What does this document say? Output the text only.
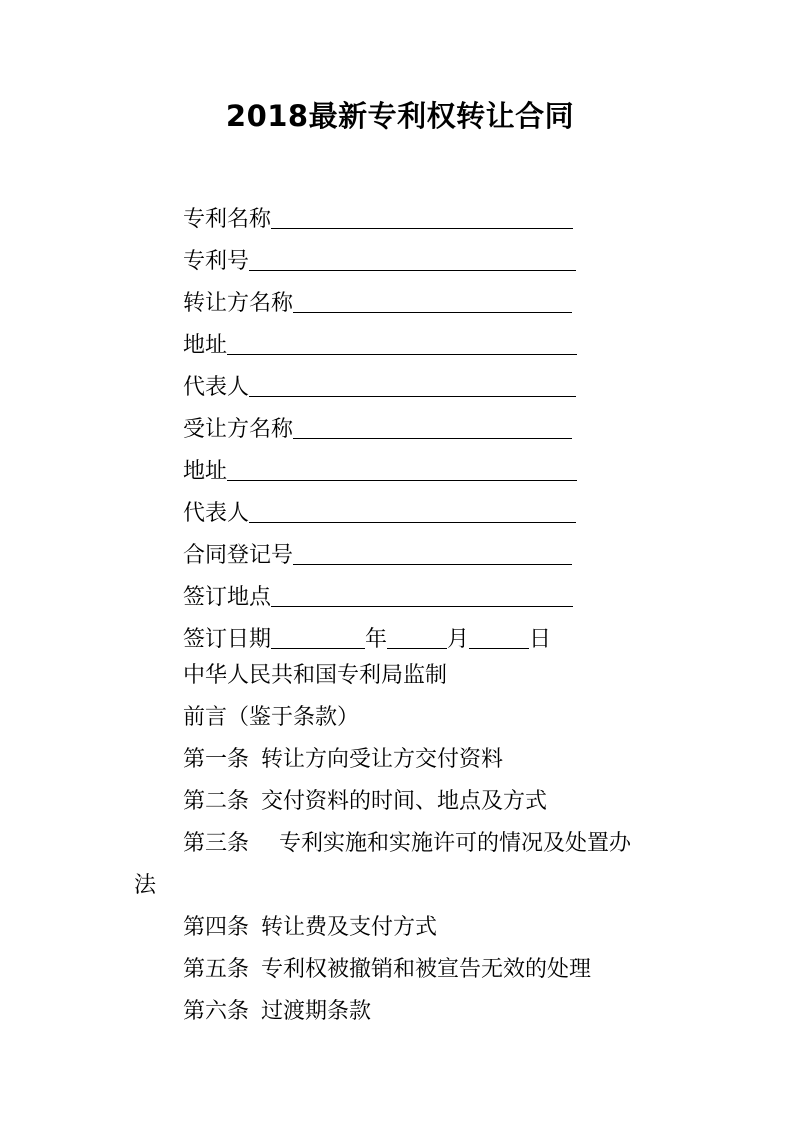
2018最新专利权转让合同
专利名称
专利号
转让方名称
地址
代表人
受让方名称
地址
代表人
合同登记号
签订地点
签订日期	年	月	日
中华人民共和国专利局监制
前言（鉴于条款）
第一条 转让方向受让方交付资料
第二条 交付资料的时间、地点及方式
第三条 专利实施和实施许可的情况及处置办
法
第四条 转让费及支付方式
第五条 专利权被撤销和被宣告无效的处理
第六条 过渡期条款
